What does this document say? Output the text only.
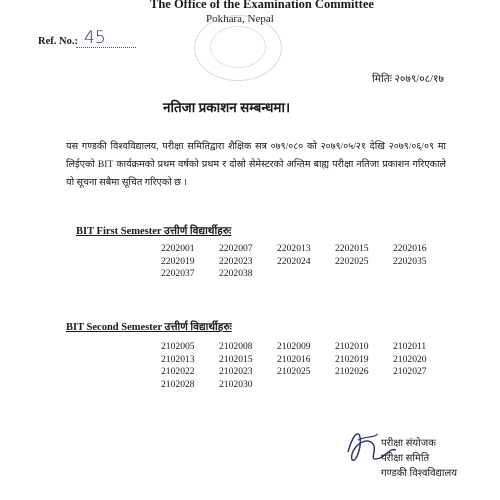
The Office of the Examination Committee
Pokhara, Nepal
Ref. No.: 45
मितिः २०७९/०८/१७
नतिजा प्रकाशन सम्बन्धमा।
यस गण्डकी विश्वविद्यालय, परीक्षा समितिद्वारा शैक्षिक सत्र ०७९/०८० को २०७९/०५/२१ देखि २०७९/०६/०९ मा लिईएको BIT कार्यक्रमको प्रथम वर्षको प्रथम र दोस्रो सेमेस्टरको अन्तिम बाह्य परीक्षा नतिजा प्रकाशन गरिएकाले यो सूचना सबैमा सूचित गरिएको छ ।
BIT First Semester उत्तीर्ण विद्यार्थीहरुः
2202001	2202007	2202013	2202015	2202016
2202019	2202023	2202024	2202025	2202035
2202037	2202038
BIT Second Semester उत्तीर्ण विद्यार्थीहरुः
2102005	2102008	2102009	2102010	2102011
2102013	2102015	2102016	2102019	2102020
2102022	2102023	2102025	2102026	2102027
2102028	2102030
परीक्षा संयोजक
परीक्षा समिति
गण्डकी विश्वविद्यालय
